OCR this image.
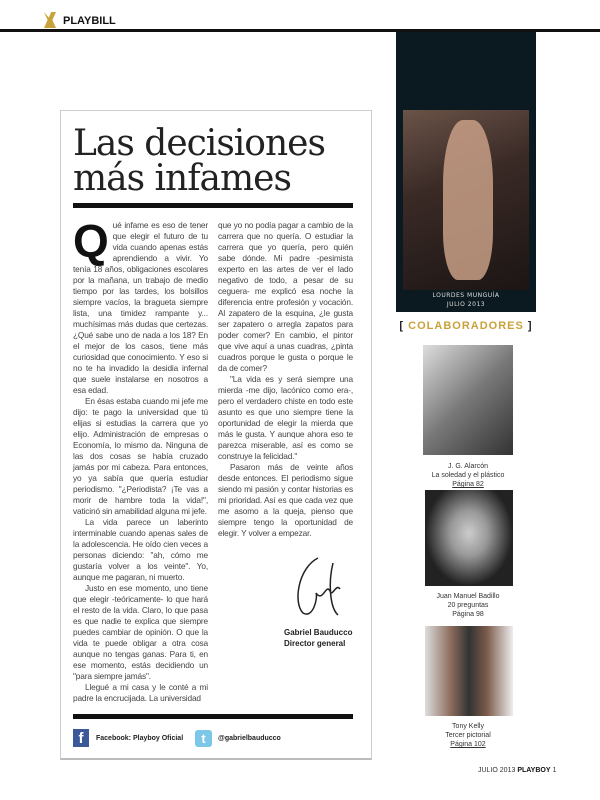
PLAYBILL
LOURDES MUNGUÍA
JULIO 2013
[ COLABORADORES ]
J. G. Alarcón
La soledad y el plástico
Página 82
Juan Manuel Badillo
20 preguntas
Página 98
Tony Kelly
Tercer pictorial
Página 102
Las decisiones
más infames

Qué infame es eso de tener que elegir el futuro de tu vida cuando apenas estás aprendiendo a vivir. Yo tenía 18 años, obligaciones escolares por la mañana, un trabajo de medio tiempo por las tardes, los bolsillos siempre vacíos, la bragueta siempre lista, una timidez rampante y... muchísimas más dudas que certezas. ¿Qué sabe uno de nada a los 18? En el mejor de los casos, tiene más curiosidad que conocimiento. Y eso si no te ha invadido la desidia infernal que suele instalarse en nosotros a esa edad.

En ésas estaba cuando mi jefe me dijo: te pago la universidad que tú elijas si estudias la carrera que yo elijo. Administración de empresas o Economía, lo mismo da. Ninguna de las dos cosas se había cruzado jamás por mi cabeza. Para entonces, yo ya sabía que quería estudiar periodismo. "¿Periodista? ¡Te vas a morir de hambre toda la vida!", vaticinó sin amabilidad alguna mi jefe.

La vida parece un laberinto interminable cuando apenas sales de la adolescencia. He oído cien veces a personas diciendo: "ah, cómo me gustaría volver a los veinte". Yo, aunque me pagaran, ni muerto.

Justo en ese momento, uno tiene que elegir -teóricamente- lo que hará el resto de la vida. Claro, lo que pasa es que nadie te explica que siempre puedes cambiar de opinión. O que la vida te puede obligar a otra cosa aunque no tengas ganas. Para ti, en ese momento, estás decidiendo un "para siempre jamás".

Llegué a mi casa y le conté a mi padre la encrucijada. La universidad

que yo no podía pagar a cambio de la carrera que no quería. O estudiar la carrera que yo quería, pero quién sabe dónde. Mi padre -pesimista experto en las artes de ver el lado negativo de todo, a pesar de su ceguera- me explicó esa noche la diferencia entre profesión y vocación. Al zapatero de la esquina, ¿le gusta ser zapatero o arregla zapatos para poder comer? En cambio, el pintor que vive aquí a unas cuadras, ¿pinta cuadros porque le gusta o porque le da de comer?

"La vida es y será siempre una mierda -me dijo, lacónico como era-, pero el verdadero chiste en todo este asunto es que uno siempre tiene la oportunidad de elegir la mierda que más le gusta. Y aunque ahora eso te parezca miserable, así es como se construye la felicidad."

Pasaron más de veinte años desde entonces. El periodismo sigue siendo mi pasión y contar historias es mi prioridad. Así es que cada vez que me asomo a la queja, pienso que siempre tengo la oportunidad de elegir. Y volver a empezar.

Gabriel Bauducco
Director general
f	Facebook: Playboy Oficial	t	@gabrielbauducco
JULIO 2013 PLAYBOY 1
